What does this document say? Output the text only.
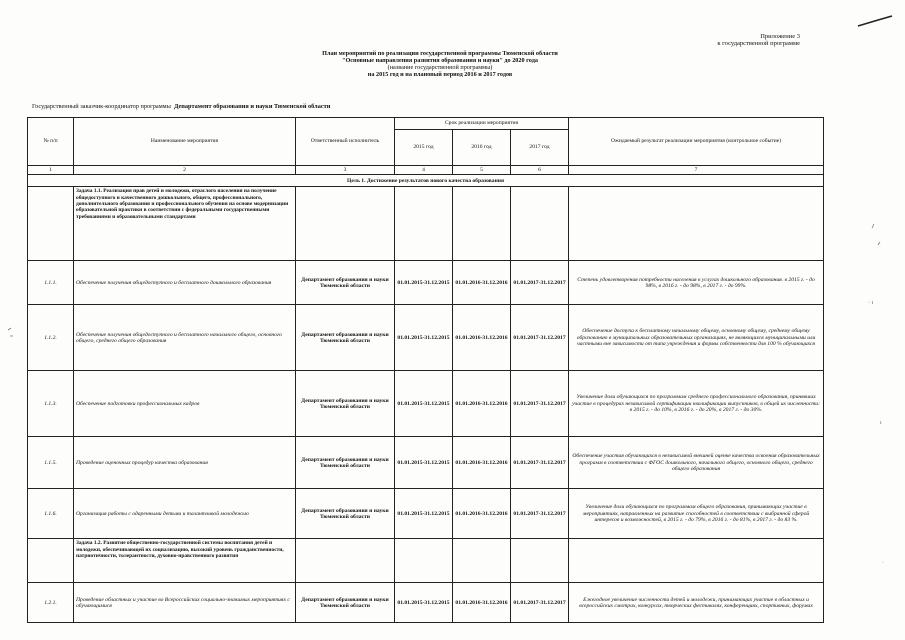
· ı
ı
·
Приложение 3
к государственной программе
План мероприятий по реализации государственной программы Тюменской области
"Основные направления развития образования и науки" до 2020 года
(название государственной программы)
на 2015 год и на плановый период 2016 и 2017 годов
Государственный заказчик-координатор программы Департамент образования и науки Тюменской области
№ п/п	Наименование мероприятия	Ответственный исполнитель	Срок реализации мероприятия			Ожидаемый результат реализации мероприятия (контрольное событие)
			2015 год	2016 год	2017 год	
1	2	3	4	5	6	7
Цель 1. Достижение результатов нового качества образования						
	Задача 1.1. Реализация прав детей и молодежи, отраслого населения на получение общедоступного и качественного дошкольного, общего, профессионального, дополнительного образования и профессионального обучения на основе модернизации образовательной практики в соответствии с федеральными государственными требованиями и образовательными стандартами					
1.1.1.	Обеспечение получения общедоступного и бесплатного дошкольного образования	Департамент образования и науки Тюменской области	01.01.2015-31.12.2015	01.01.2016-31.12.2016	01.01.2017-31.12.2017	Степень удовлетворения потребности населения в услугах дошкольного образования. в 2015 г. - до 98%, в 2016 г. - до 98%, в 2017 г. - до 99%.
1.1.2.	Обеспечение получения общедоступного и бесплатного начального общего, основного общего, среднего общего образования	Департамент образования и науки Тюменской области	01.01.2015-31.12.2015	01.01.2016-31.12.2016	01.01.2017-31.12.2017	Обеспечение доступа к бесплатному начальному общему, основному общему, среднему общему образованию в муниципальных образовательных организациях, не являющихся муниципальными или частными вне зависимости от типа учреждения и формы собственности для 100 % обучающихся
1.1.3.	Обеспечение подготовки профессиональных кадров	Департамент образования и науки Тюменской области	01.01.2015-31.12.2015	01.01.2016-31.12.2016	01.01.2017-31.12.2017	Увеличение доли обучающихся по программам среднего профессионального образования, принявших участие в процедурах независимой сертификации квалификации выпускников, в общей их численности: в 2015 г. - до 10%, в 2016 г. - до 20%, в 2017 г. - до 30%.
1.1.5.	Проведение оценочных процедур качества образования	Департамент образования и науки Тюменской области	01.01.2015-31.12.2015	01.01.2016-31.12.2016	01.01.2017-31.12.2017	Обеспечение участия обучающихся в независимой внешней оценке качества освоения образовательных программ в соответствии с ФГОС дошкольного, начального общего, основного общего, среднего общего образования
1.1.6.	Организация работы с одаренными детьми и талантливой молодежью	Департамент образования и науки Тюменской области	01.01.2015-31.12.2015	01.01.2016-31.12.2016	01.01.2017-31.12.2017	Увеличение доли обучающихся по программам общего образования, принимающих участие в мероприятиях, направленных на развитие способностей в соответствии с выбранной сферой интересов и возможностей, в 2015 г. - до 79%, в 2016 г. - до 81%, в 2017 г. - до 83 %.
	Задача 1.2. Развитие общественно-государственной системы воспитания детей и молодежи, обеспечивающей их социализацию, высокий уровень гражданственности, патриотичности, толерантности, духовно-нравственного развития					
1.2.1.	Проведение областных и участие во Всероссийских социально-значимых мероприятиях с обучающимися	Департамент образования и науки Тюменской области	01.01.2015-31.12.2015	01.01.2016-31.12.2016	01.01.2017-31.12.2017	Ежегодное увеличение численности детей и молодежи, принимающих участие в областных и всероссийских смотрах, конкурсах, творческих фестивалях, конференциях, спортивных, форумах
